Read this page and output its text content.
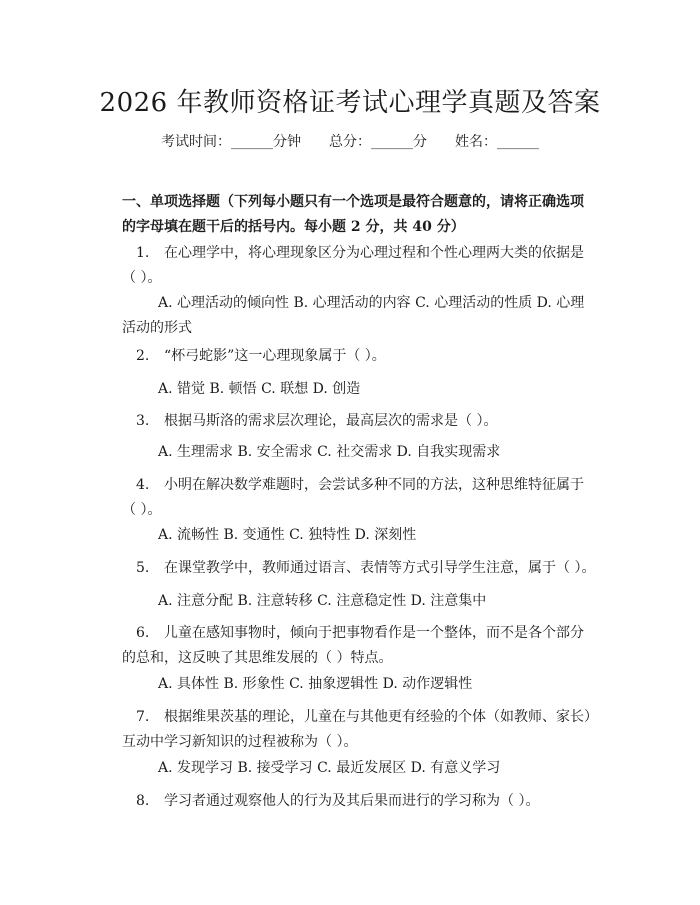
2026 年教师资格证考试心理学真题及答案
考试时间：______分钟 总分：______分 姓名：______
一、单项选择题（下列每小题只有一个选项是最符合题意的，请将正确选项的字母填在题干后的括号内。每小题 2 分，共 40 分）
1. 在心理学中，将心理现象区分为心理过程和个性心理两大类的依据是（ ）。
A. 心理活动的倾向性 B. 心理活动的内容 C. 心理活动的性质 D. 心理活动的形式
2. “杯弓蛇影”这一心理现象属于（ ）。
A. 错觉 B. 顿悟 C. 联想 D. 创造
3. 根据马斯洛的需求层次理论，最高层次的需求是（ ）。
A. 生理需求 B. 安全需求 C. 社交需求 D. 自我实现需求
4. 小明在解决数学难题时，会尝试多种不同的方法，这种思维特征属于（ ）。
A. 流畅性 B. 变通性 C. 独特性 D. 深刻性
5. 在课堂教学中，教师通过语言、表情等方式引导学生注意，属于（ ）。
A. 注意分配 B. 注意转移 C. 注意稳定性 D. 注意集中
6. 儿童在感知事物时，倾向于把事物看作是一个整体，而不是各个部分的总和，这反映了其思维发展的（ ）特点。
A. 具体性 B. 形象性 C. 抽象逻辑性 D. 动作逻辑性
7. 根据维果茨基的理论，儿童在与其他更有经验的个体（如教师、家长）互动中学习新知识的过程被称为（ ）。
A. 发现学习 B. 接受学习 C. 最近发展区 D. 有意义学习
8. 学习者通过观察他人的行为及其后果而进行的学习称为（ ）。
